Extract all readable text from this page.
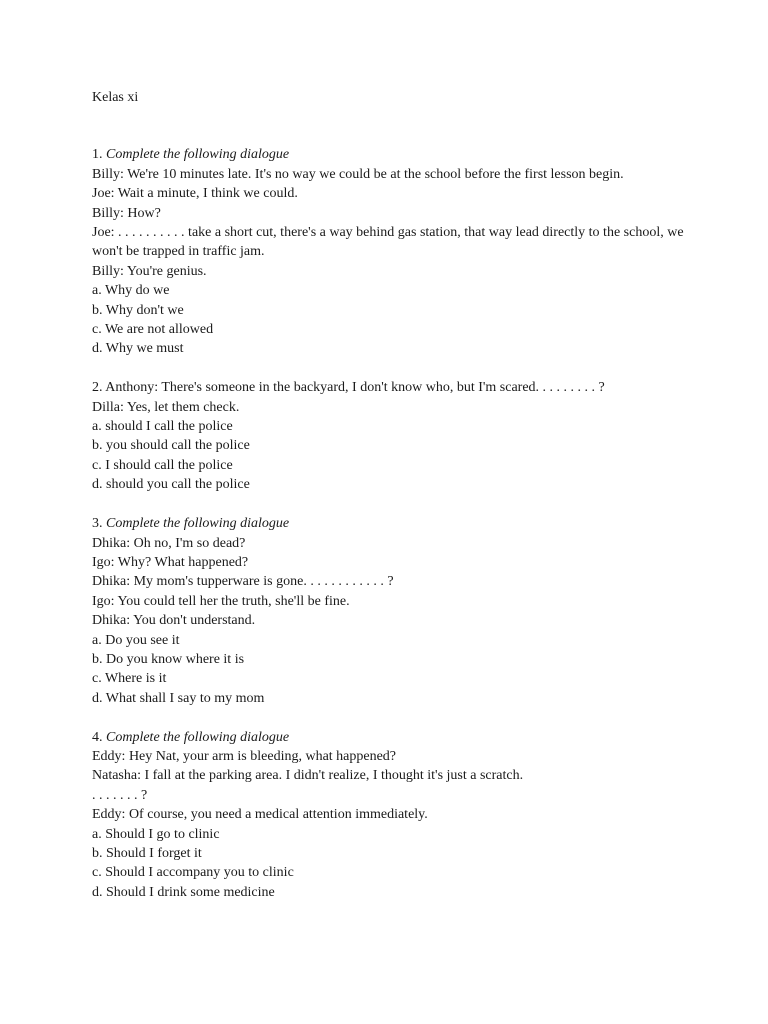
Kelas xi
1. Complete the following dialogue
Billy: We're 10 minutes late. It's no way we could be at the school before the first lesson begin.
Joe: Wait a minute, I think we could.
Billy: How?
Joe: . . . . . . . . . . take a short cut, there's a way behind gas station, that way lead directly to the school, we won't be trapped in traffic jam.
Billy: You're genius.
a. Why do we
b. Why don't we
c. We are not allowed
d. Why we must
2. Anthony: There's someone in the backyard, I don't know who, but I'm scared. . . . . . . . . ?
Dilla: Yes, let them check.
a. should I call the police
b. you should call the police
c. I should call the police
d. should you call the police
3. Complete the following dialogue
Dhika: Oh no, I'm so dead?
Igo: Why? What happened?
Dhika: My mom's tupperware is gone. . . . . . . . . . . . ?
Igo: You could tell her the truth, she'll be fine.
Dhika: You don't understand.
a. Do you see it
b. Do you know where it is
c. Where is it
d. What shall I say to my mom
4. Complete the following dialogue
Eddy: Hey Nat, your arm is bleeding, what happened?
Natasha: I fall at the parking area. I didn't realize, I thought it's just a scratch.
. . . . . . . ?
Eddy: Of course, you need a medical attention immediately.
a. Should I go to clinic
b. Should I forget it
c. Should I accompany you to clinic
d. Should I drink some medicine
